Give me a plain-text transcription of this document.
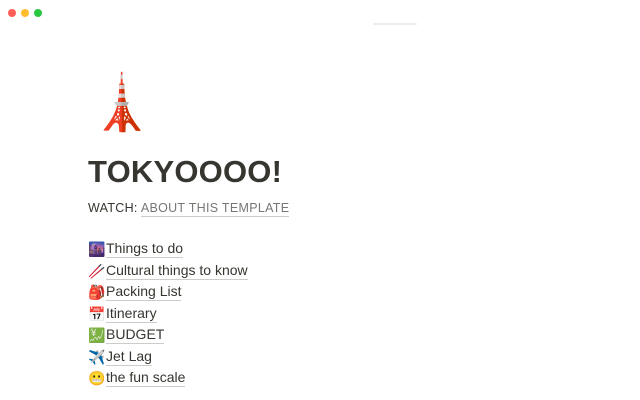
🗼
TOKYOOOO!
WATCH: ABOUT THIS TEMPLATE
🌆 Things to do
🥢 Cultural things to know
🎒 Packing List
📅 Itinerary
💹 BUDGET
✈️ Jet Lag
😬 the fun scale
